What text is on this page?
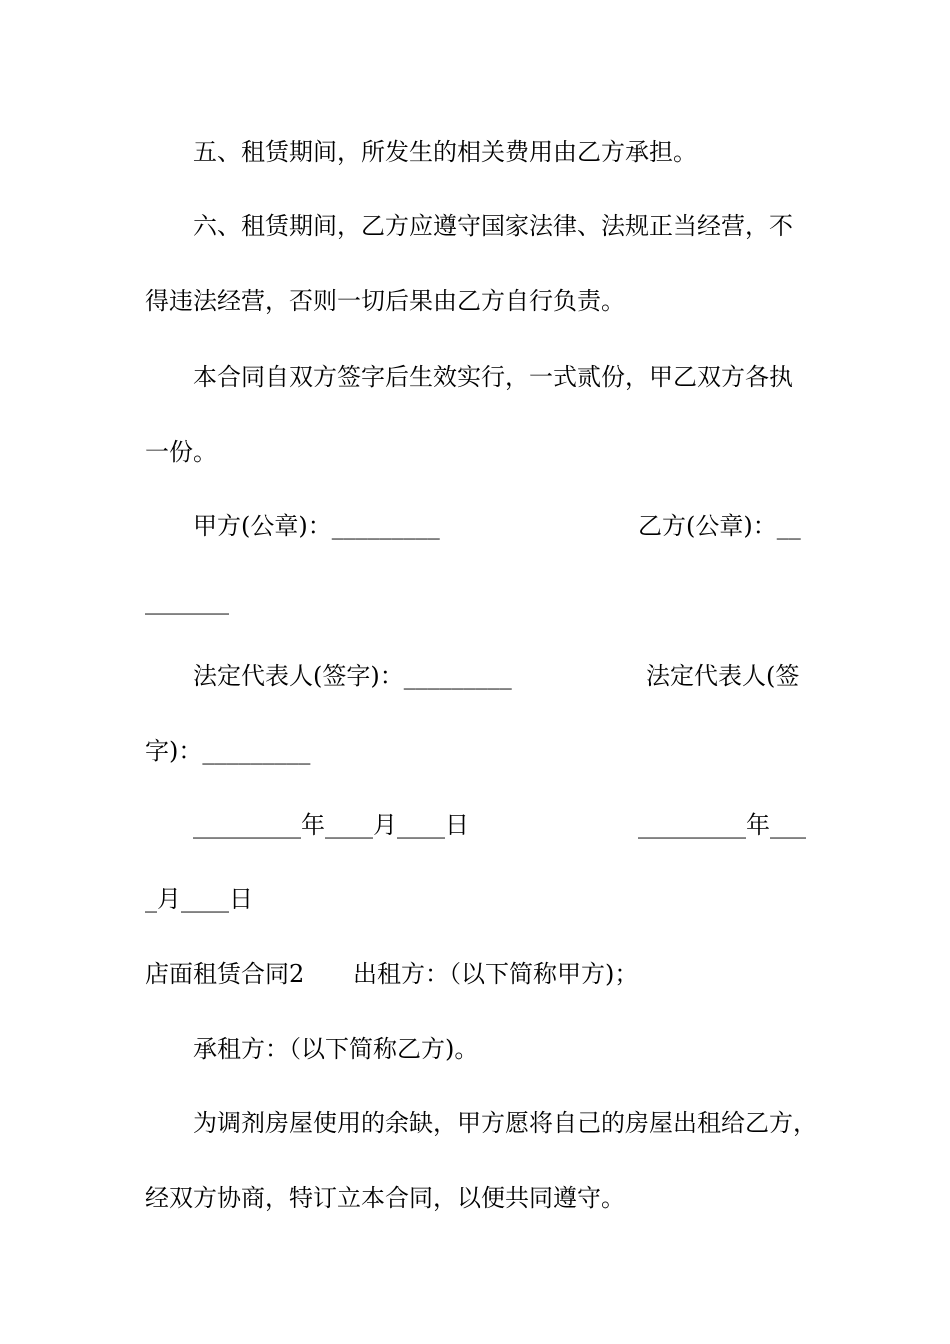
五、租赁期间，所发生的相关费用由乙方承担。
六、租赁期间，乙方应遵守国家法律、法规正当经营，不
得违法经营，否则一切后果由乙方自行负责。
本合同自双方签字后生效实行，一式贰份，甲乙双方各执
一份。
甲方(公章)：_________	乙方(公章)：__
_______
法定代表人(签字)：_________	法定代表人(签
字)：_________
_________年____月____日	_________年___
_月____日
店面租赁合同2 出租方：（以下简称甲方)；
承租方：（以下简称乙方)。
为调剂房屋使用的余缺，甲方愿将自己的房屋出租给乙方，
经双方协商，特订立本合同，以便共同遵守。
